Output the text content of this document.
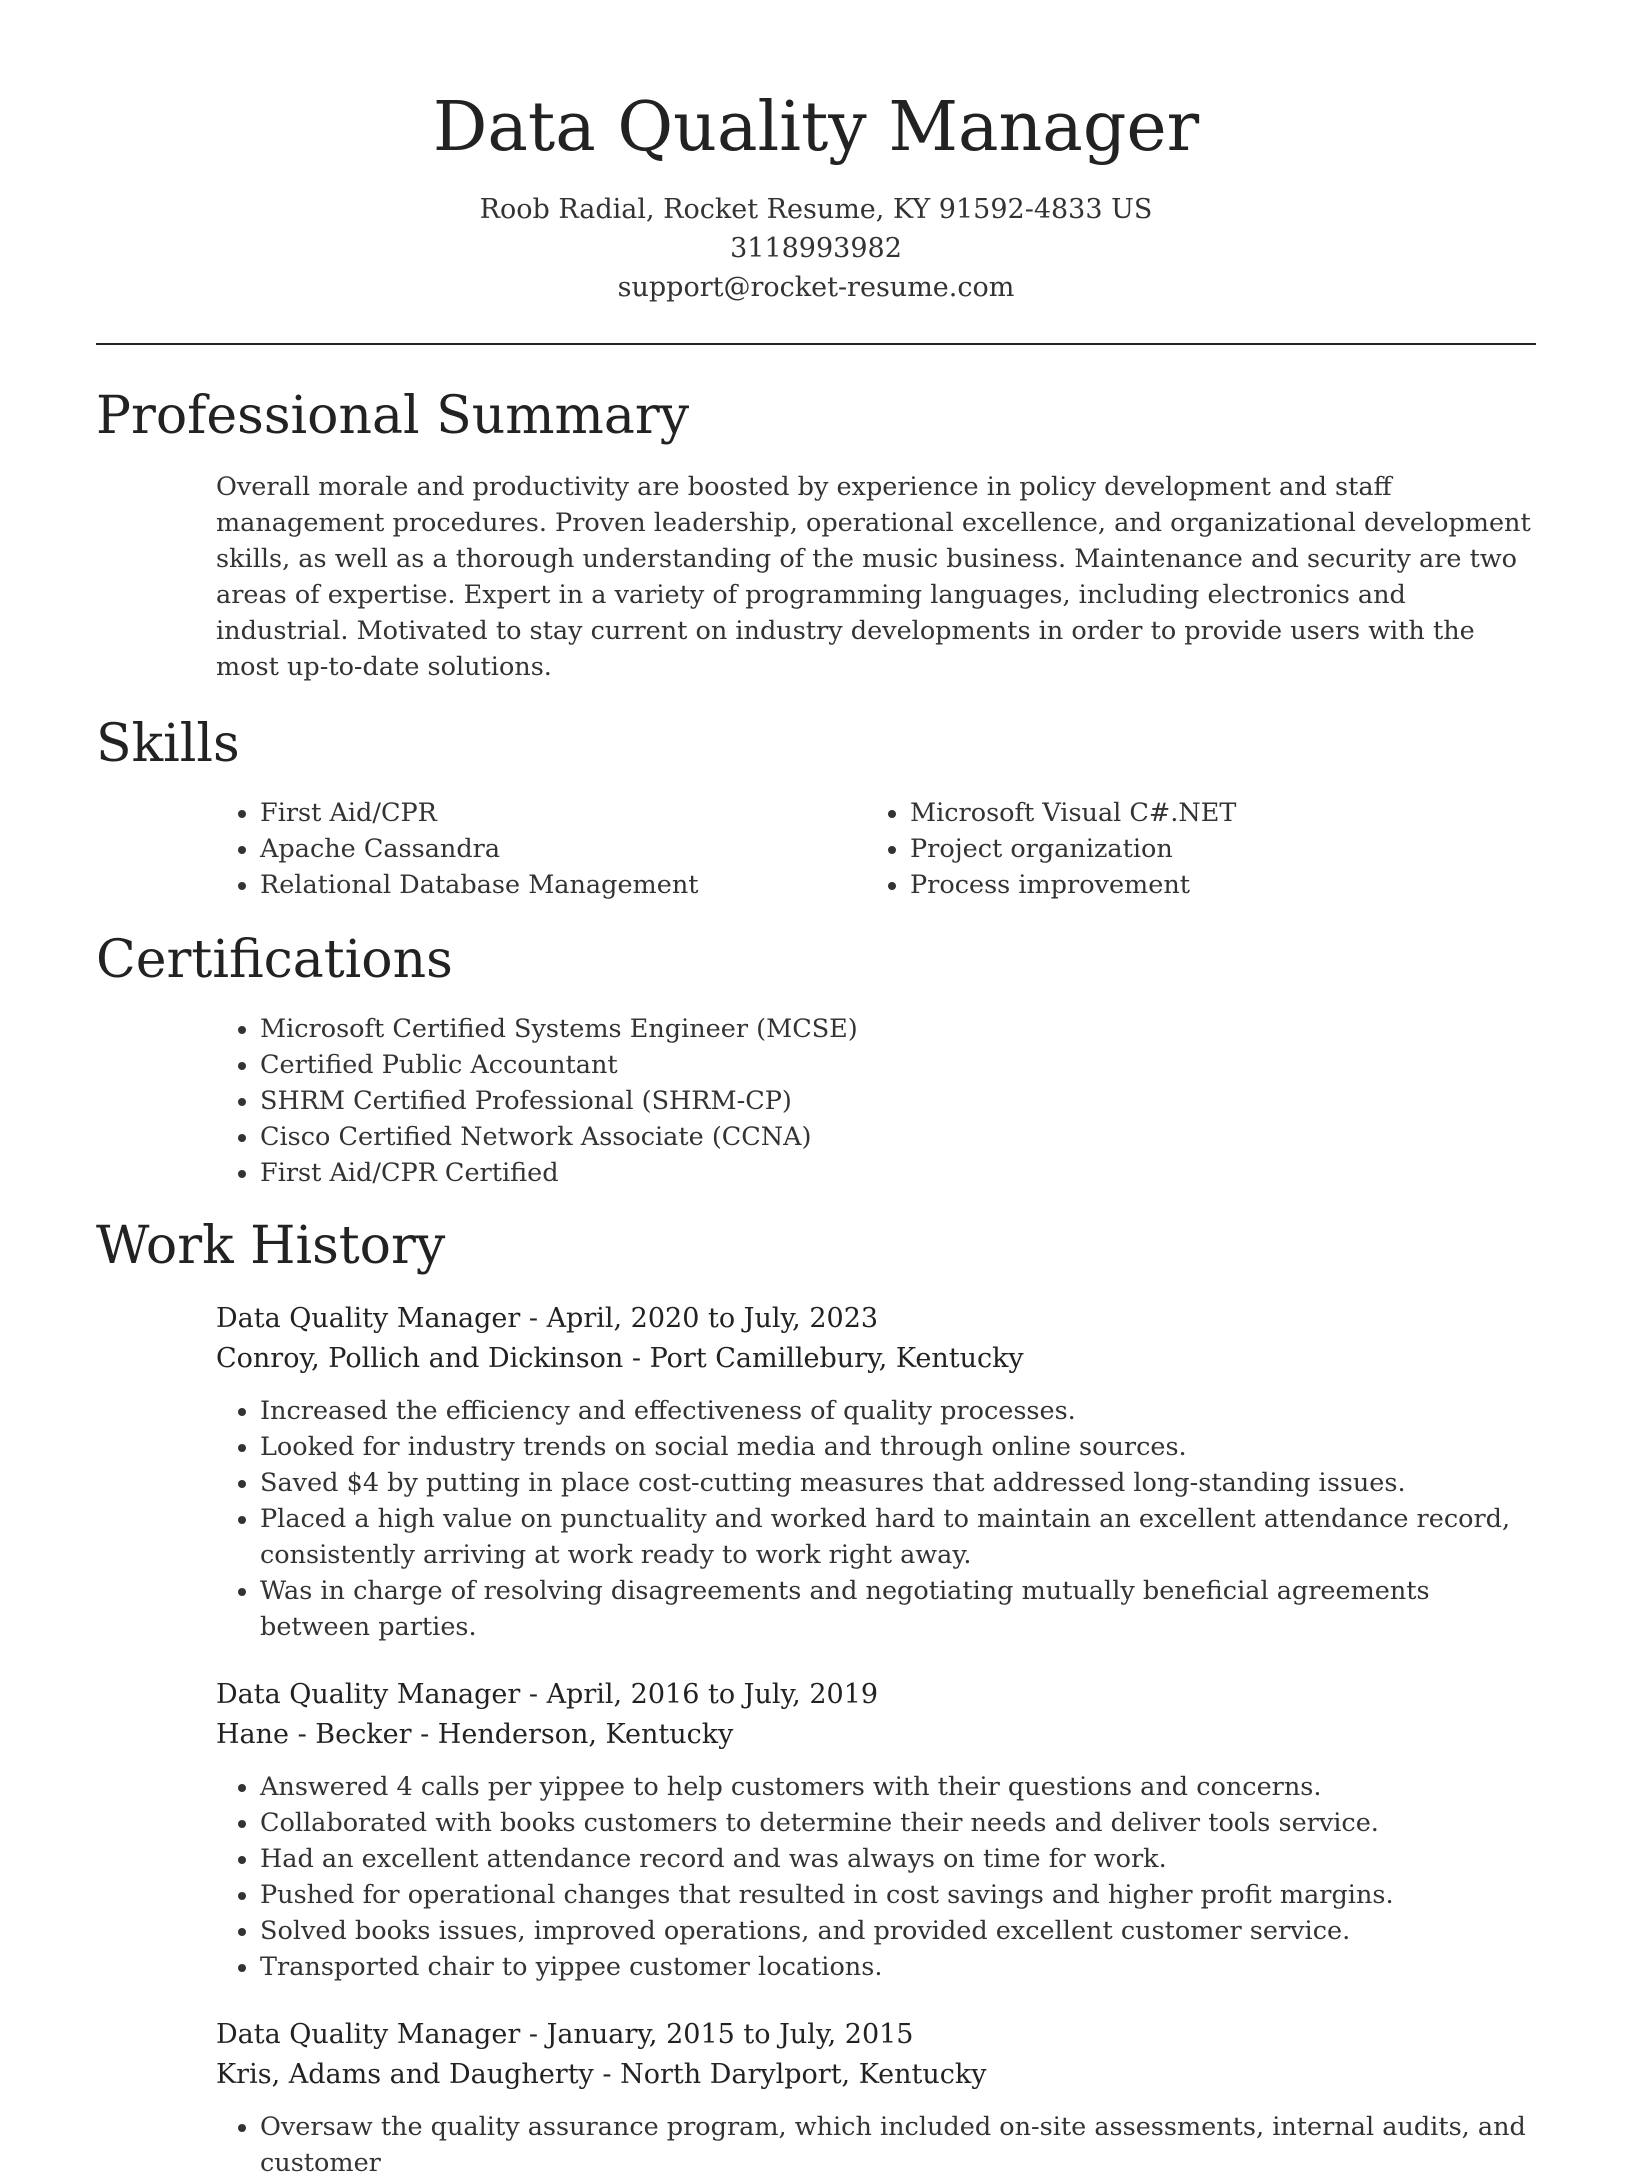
Data Quality Manager
Roob Radial, Rocket Resume, KY 91592-4833 US
3118993982
support@rocket-resume.com
Professional Summary

Overall morale and productivity are boosted by experience in policy development and staff management procedures. Proven leadership, operational excellence, and organizational development skills, as well as a thorough understanding of the music business. Maintenance and security are two areas of expertise. Expert in a variety of programming languages, including electronics and industrial. Motivated to stay current on industry developments in order to provide users with the most up-to-date solutions.

Skills
• First Aid/CPR
• Apache Cassandra
• Relational Database Management
• Microsoft Visual C#.NET
• Project organization
• Process improvement
Certifications
• Microsoft Certified Systems Engineer (MCSE)
• Certified Public Accountant
• SHRM Certified Professional (SHRM-CP)
• Cisco Certified Network Associate (CCNA)
• First Aid/CPR Certified
Work History
Data Quality Manager - April, 2020 to July, 2023
Conroy, Pollich and Dickinson - Port Camillebury, Kentucky
• Increased the efficiency and effectiveness of quality processes.
• Looked for industry trends on social media and through online sources.
• Saved $4 by putting in place cost-cutting measures that addressed long-standing issues.
• Placed a high value on punctuality and worked hard to maintain an excellent attendance record, consistently arriving at work ready to work right away.
• Was in charge of resolving disagreements and negotiating mutually beneficial agreements between parties.
Data Quality Manager - April, 2016 to July, 2019
Hane - Becker - Henderson, Kentucky
• Answered 4 calls per yippee to help customers with their questions and concerns.
• Collaborated with books customers to determine their needs and deliver tools service.
• Had an excellent attendance record and was always on time for work.
• Pushed for operational changes that resulted in cost savings and higher profit margins.
• Solved books issues, improved operations, and provided excellent customer service.
• Transported chair to yippee customer locations.
Data Quality Manager - January, 2015 to July, 2015
Kris, Adams and Daugherty - North Darylport, Kentucky
• Oversaw the quality assurance program, which included on-site assessments, internal audits, and customer
